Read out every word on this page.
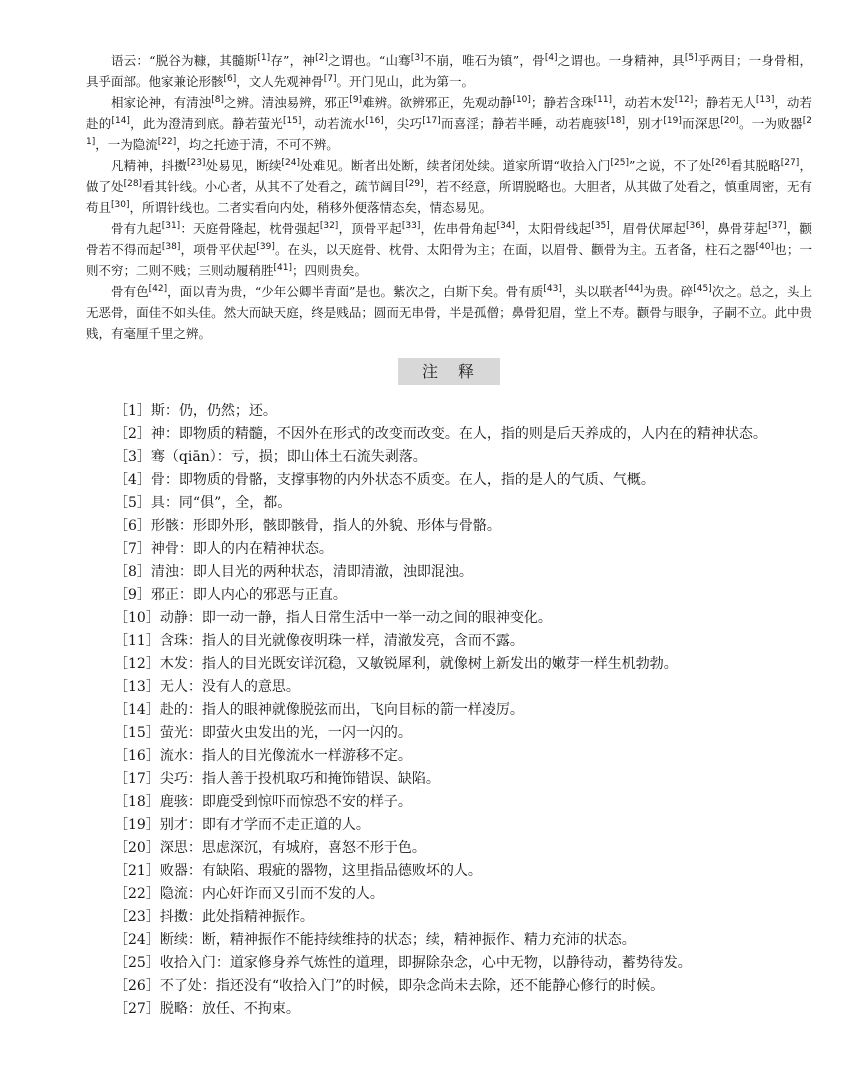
语云：“脱谷为糠，其髓斯[1]存”，神[2]之谓也。“山骞[3]不崩，唯石为镇”，骨[4]之谓也。一身精神，具[5]乎两目；一身骨相，具乎面部。他家兼论形骸[6]，文人先观神骨[7]。开门见山，此为第一。

相家论神，有清浊[8]之辨。清浊易辨，邪正[9]难辨。欲辨邪正，先观动静[10]；静若含珠[11]，动若木发[12]；静若无人[13]，动若赴的[14]，此为澄清到底。静若萤光[15]，动若流水[16]，尖巧[17]而喜淫；静若半睡，动若鹿骇[18]，别才[19]而深思[20]。一为败器[21]，一为隐流[22]，均之托迹于清，不可不辨。

凡精神，抖擞[23]处易见，断续[24]处难见。断者出处断，续者闭处续。道家所谓“收拾入门[25]”之说，不了处[26]看其脱略[27]，做了处[28]看其针线。小心者，从其不了处看之，疏节阔目[29]，若不经意，所谓脱略也。大胆者，从其做了处看之，慎重周密，无有苟且[30]，所谓针线也。二者实看向内处，稍移外便落情态矣，情态易见。

骨有九起[31]：天庭骨隆起，枕骨强起[32]，顶骨平起[33]，佐串骨角起[34]，太阳骨线起[35]，眉骨伏犀起[36]，鼻骨芽起[37]，颧骨若不得而起[38]，项骨平伏起[39]。在头，以天庭骨、枕骨、太阳骨为主；在面，以眉骨、颧骨为主。五者备，柱石之器[40]也；一则不穷；二则不贱；三则动履稍胜[41]；四则贵矣。

骨有色[42]，面以青为贵，“少年公卿半青面”是也。紫次之，白斯下矣。骨有质[43]，头以联者[44]为贵。碎[45]次之。总之，头上无恶骨，面佳不如头佳。然大而缺天庭，终是贱品；圆而无串骨，半是孤僧；鼻骨犯眉，堂上不寿。颧骨与眼争，子嗣不立。此中贵贱，有毫厘千里之辨。

注　释

［1］斯：仍，仍然；还。

［2］神：即物质的精髓，不因外在形式的改变而改变。在人，指的则是后天养成的，人内在的精神状态。

［3］骞（qiān）：亏，损；即山体土石流失剥落。

［4］骨：即物质的骨骼，支撑事物的内外状态不质变。在人，指的是人的气质、气概。

［5］具：同“俱”，全，都。

［6］形骸：形即外形，骸即骸骨，指人的外貌、形体与骨骼。

［7］神骨：即人的内在精神状态。

［8］清浊：即人目光的两种状态，清即清澈，浊即混浊。

［9］邪正：即人内心的邪恶与正直。

［10］动静：即一动一静，指人日常生活中一举一动之间的眼神变化。

［11］含珠：指人的目光就像夜明珠一样，清澈发亮，含而不露。

［12］木发：指人的目光既安详沉稳，又敏锐犀利，就像树上新发出的嫩芽一样生机勃勃。

［13］无人：没有人的意思。

［14］赴的：指人的眼神就像脱弦而出，飞向目标的箭一样凌厉。

［15］萤光：即萤火虫发出的光，一闪一闪的。

［16］流水：指人的目光像流水一样游移不定。

［17］尖巧：指人善于投机取巧和掩饰错误、缺陷。

［18］鹿骇：即鹿受到惊吓而惊恐不安的样子。

［19］别才：即有才学而不走正道的人。

［20］深思：思虑深沉，有城府，喜怒不形于色。

［21］败器：有缺陷、瑕疵的器物，这里指品德败坏的人。

［22］隐流：内心奸诈而又引而不发的人。

［23］抖擞：此处指精神振作。

［24］断续：断，精神振作不能持续维持的状态；续，精神振作、精力充沛的状态。

［25］收拾入门：道家修身养气炼性的道理，即摒除杂念，心中无物，以静待动，蓄势待发。

［26］不了处：指还没有“收拾入门”的时候，即杂念尚未去除，还不能静心修行的时候。

［27］脱略：放任、不拘束。
